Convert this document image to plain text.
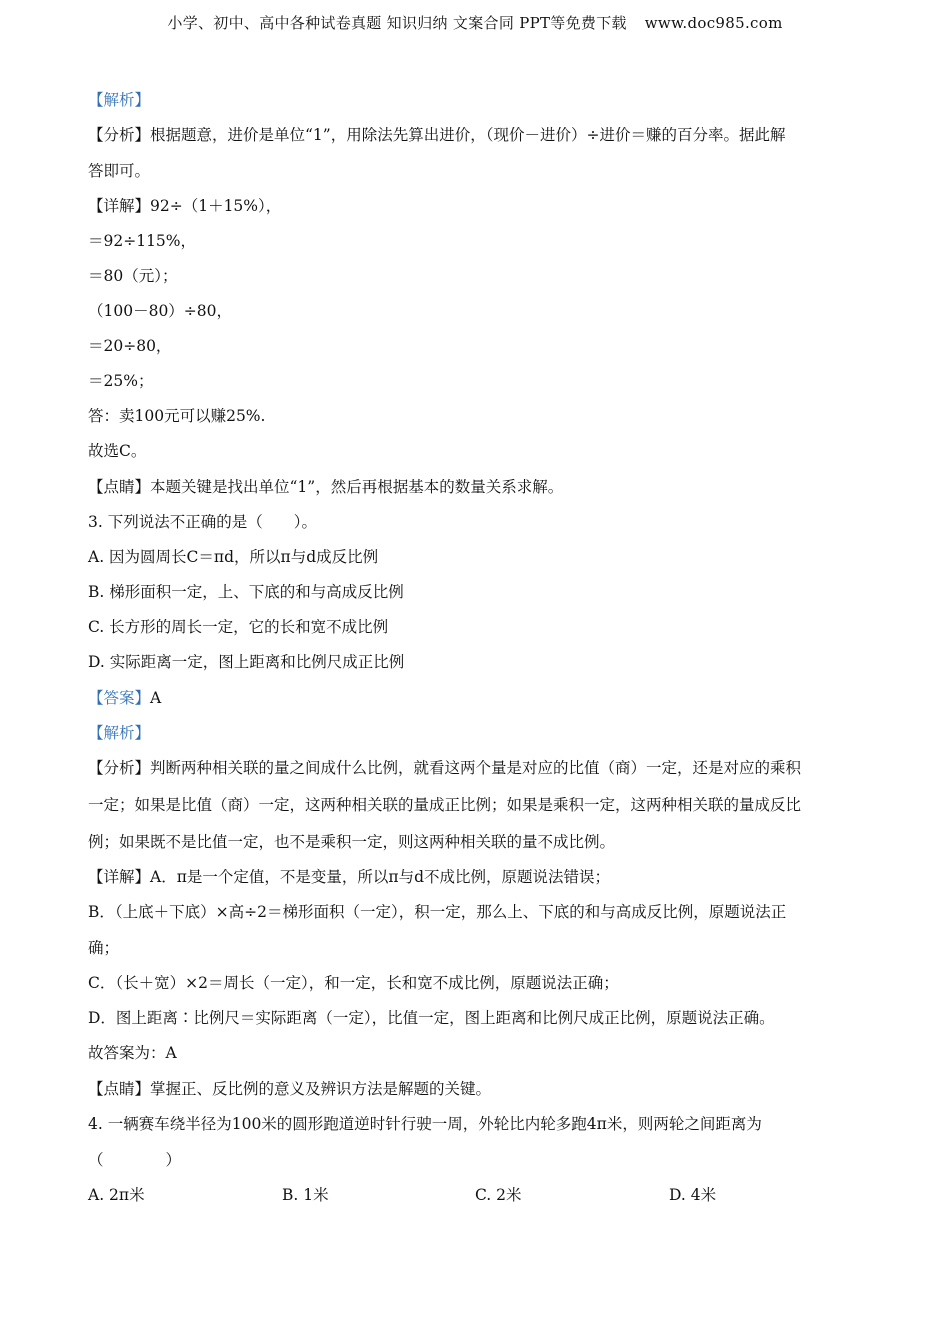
小学、初中、高中各种试卷真题 知识归纳 文案合同 PPT等免费下载 www.doc985.com
【解析】
【分析】根据题意，进价是单位“1”，用除法先算出进价，（现价－进价）÷进价＝赚的百分率。据此解
答即可。
【详解】92÷（1＋15%），
＝92÷115%，
＝80（元）；
（100－80）÷80，
＝20÷80，
＝25%；
答：卖100元可以赚25%.
故选C。
【点睛】本题关键是找出单位“1”，然后再根据基本的数量关系求解。
3. 下列说法不正确的是（　　）。
A. 因为圆周长C＝πd，所以π与d成反比例
B. 梯形面积一定，上、下底的和与高成反比例
C. 长方形的周长一定，它的长和宽不成比例
D. 实际距离一定，图上距离和比例尺成正比例
【答案】A
【解析】
【分析】判断两种相关联的量之间成什么比例，就看这两个量是对应的比值（商）一定，还是对应的乘积
一定；如果是比值（商）一定，这两种相关联的量成正比例；如果是乘积一定，这两种相关联的量成反比
例；如果既不是比值一定，也不是乘积一定，则这两种相关联的量不成比例。
【详解】A．π是一个定值，不是变量，所以π与d不成比例，原题说法错误；
B．（上底＋下底）×高÷2＝梯形面积（一定），积一定，那么上、下底的和与高成反比例，原题说法正
确；
C．（长＋宽）×2＝周长（一定），和一定，长和宽不成比例，原题说法正确；
D．图上距离∶比例尺＝实际距离（一定），比值一定，图上距离和比例尺成正比例，原题说法正确。
故答案为：A
【点睛】掌握正、反比例的意义及辨识方法是解题的关键。
4. 一辆赛车绕半径为100米的圆形跑道逆时针行驶一周，外轮比内轮多跑4π米，则两轮之间距离为
（　　　　）
A. 2π米	B. 1米	C. 2米	D. 4米
